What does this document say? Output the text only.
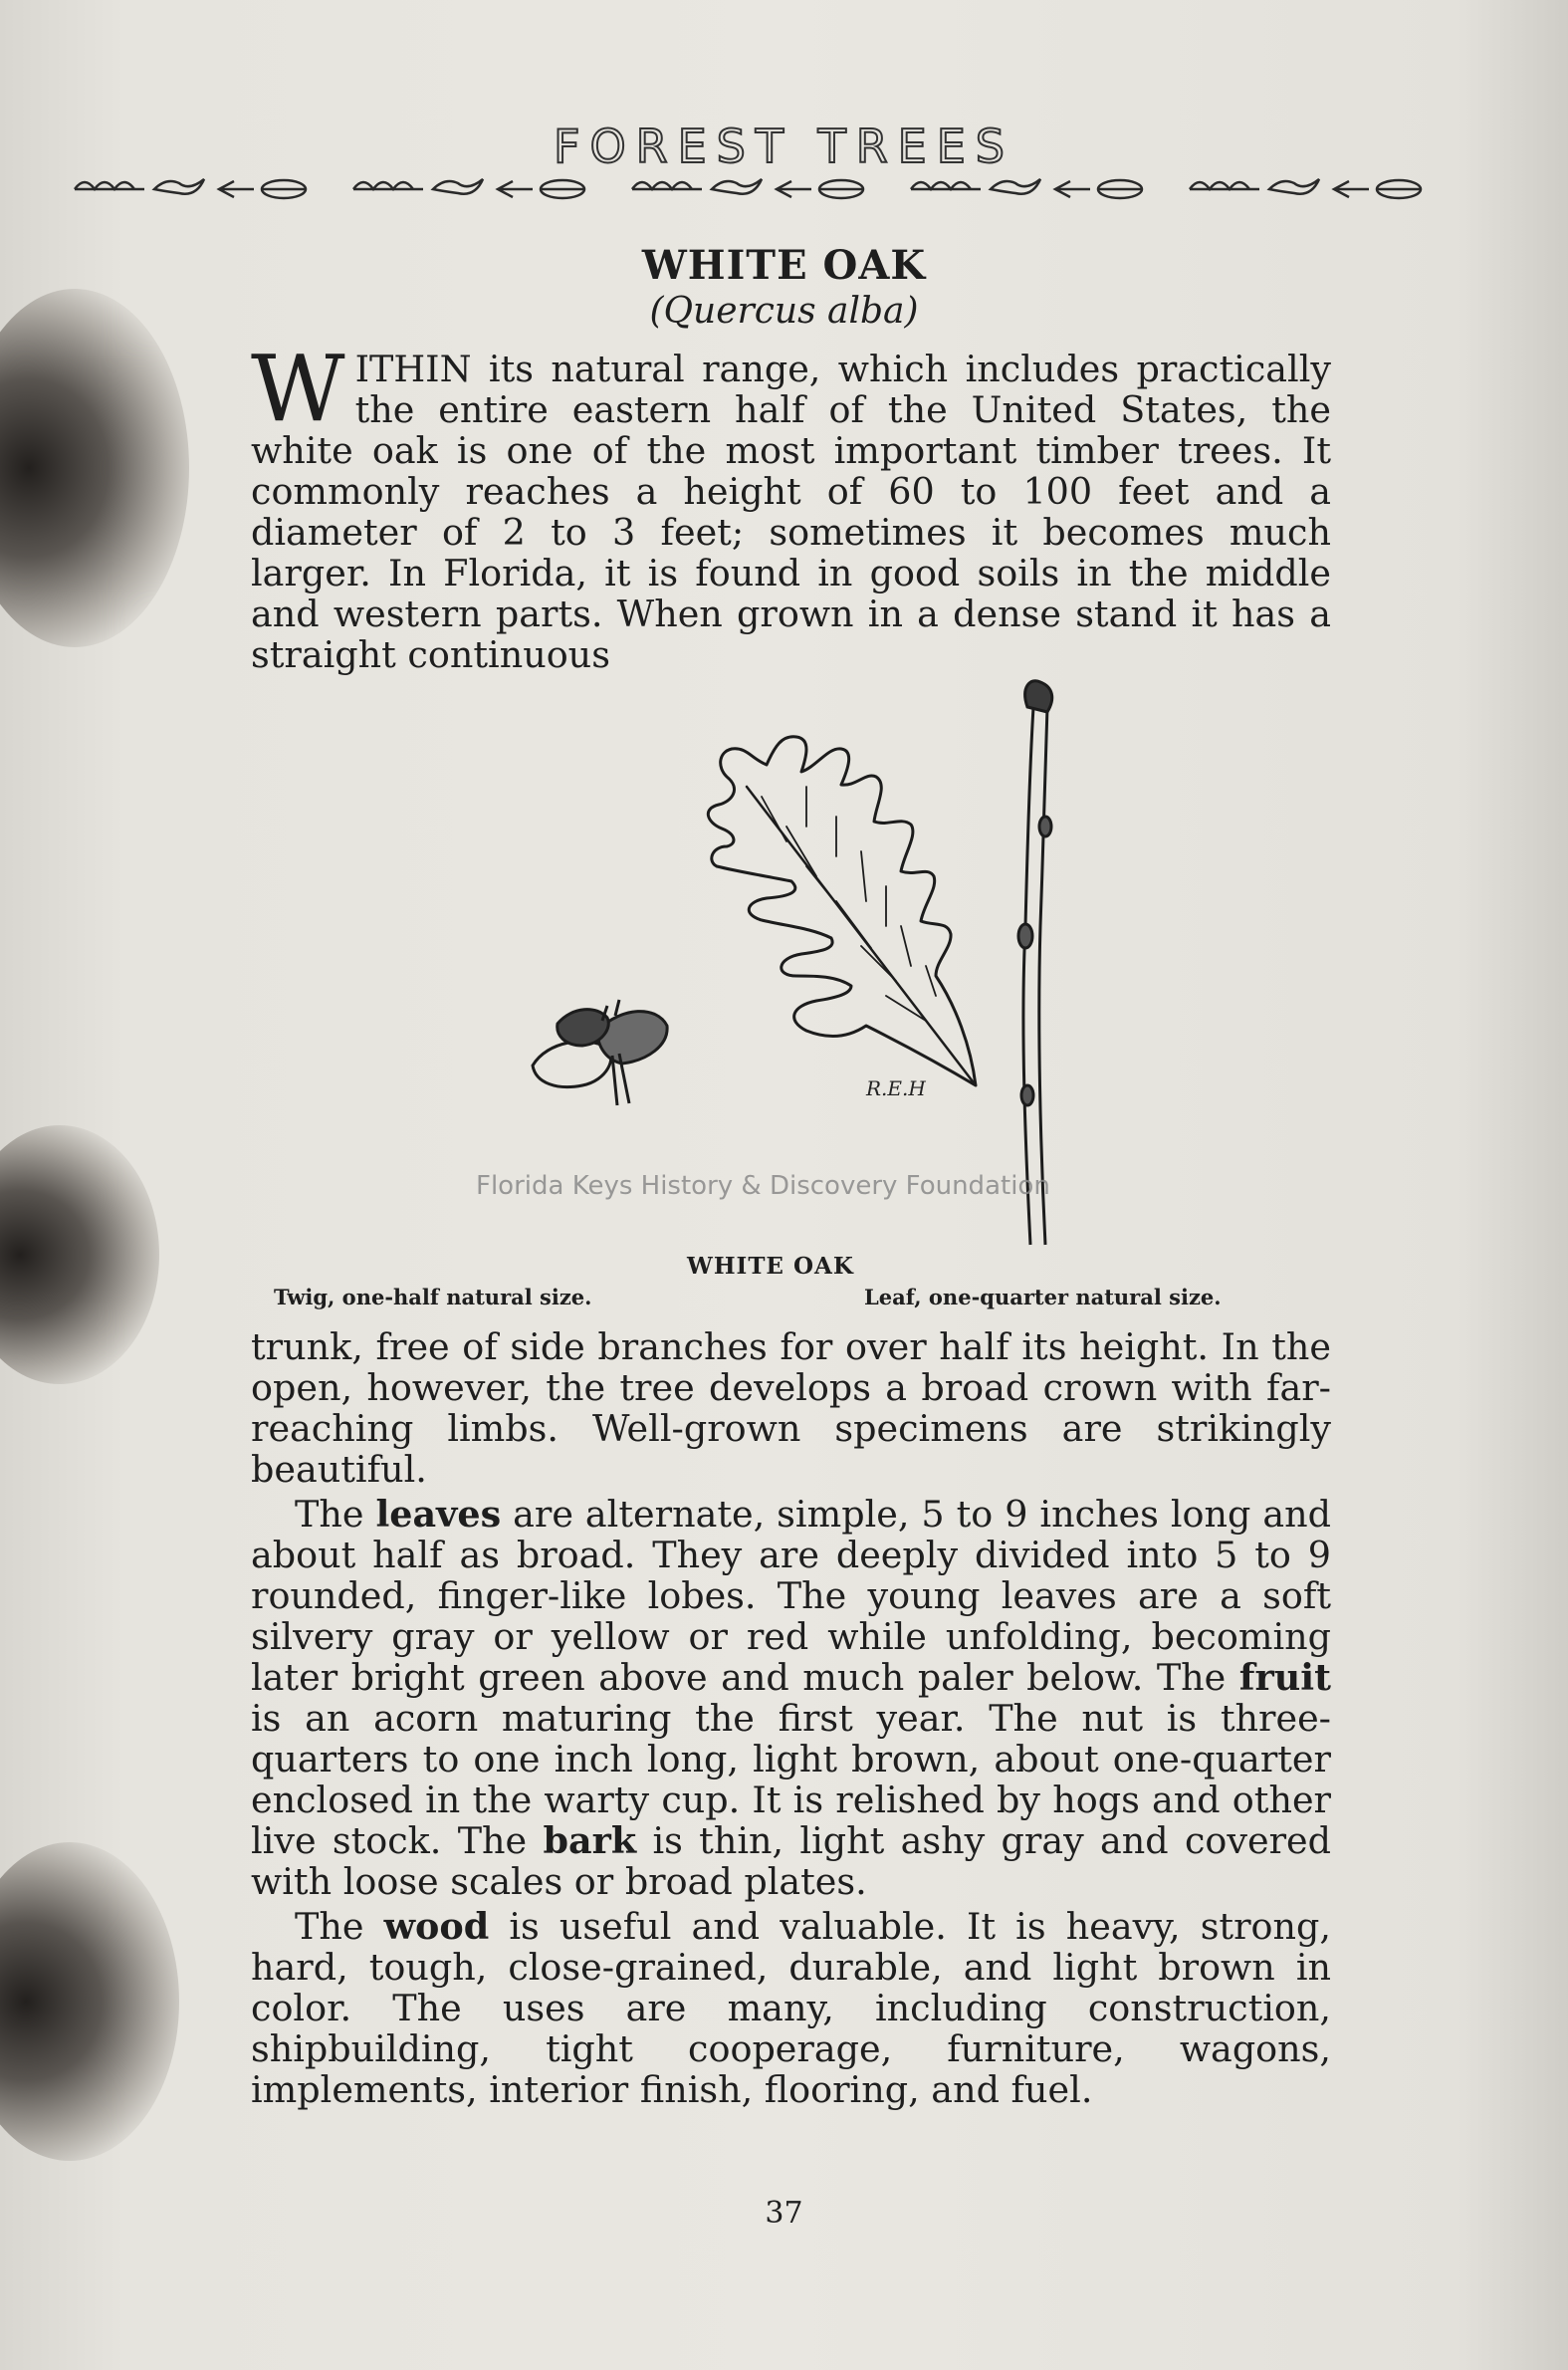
FOREST TREES
WHITE OAK
(Quercus alba)

WITHIN its natural range, which includes practically the entire eastern half of the United States, the white oak is one of the most important timber trees. It commonly reaches a height of 60 to 100 feet and a diameter of 2 to 3 feet; sometimes it becomes much larger. In Florida, it is found in good soils in the middle and western parts. When grown in a dense stand it has a straight continuous

R.E.H
Florida Keys History & Discovery Foundation
WHITE OAK
Twig, one-half natural size.	Leaf, one-quarter natural size.

trunk, free of side branches for over half its height. In the open, however, the tree develops a broad crown with far-reaching limbs. Well-grown specimens are strikingly beautiful.

The leaves are alternate, simple, 5 to 9 inches long and about half as broad. They are deeply divided into 5 to 9 rounded, finger-like lobes. The young leaves are a soft silvery gray or yellow or red while unfolding, becoming later bright green above and much paler below. The fruit is an acorn maturing the first year. The nut is three-quarters to one inch long, light brown, about one-quarter enclosed in the warty cup. It is relished by hogs and other live stock. The bark is thin, light ashy gray and covered with loose scales or broad plates.

The wood is useful and valuable. It is heavy, strong, hard, tough, close-grained, durable, and light brown in color. The uses are many, including construction, shipbuilding, tight cooperage, furniture, wagons, implements, interior finish, flooring, and fuel.

37
